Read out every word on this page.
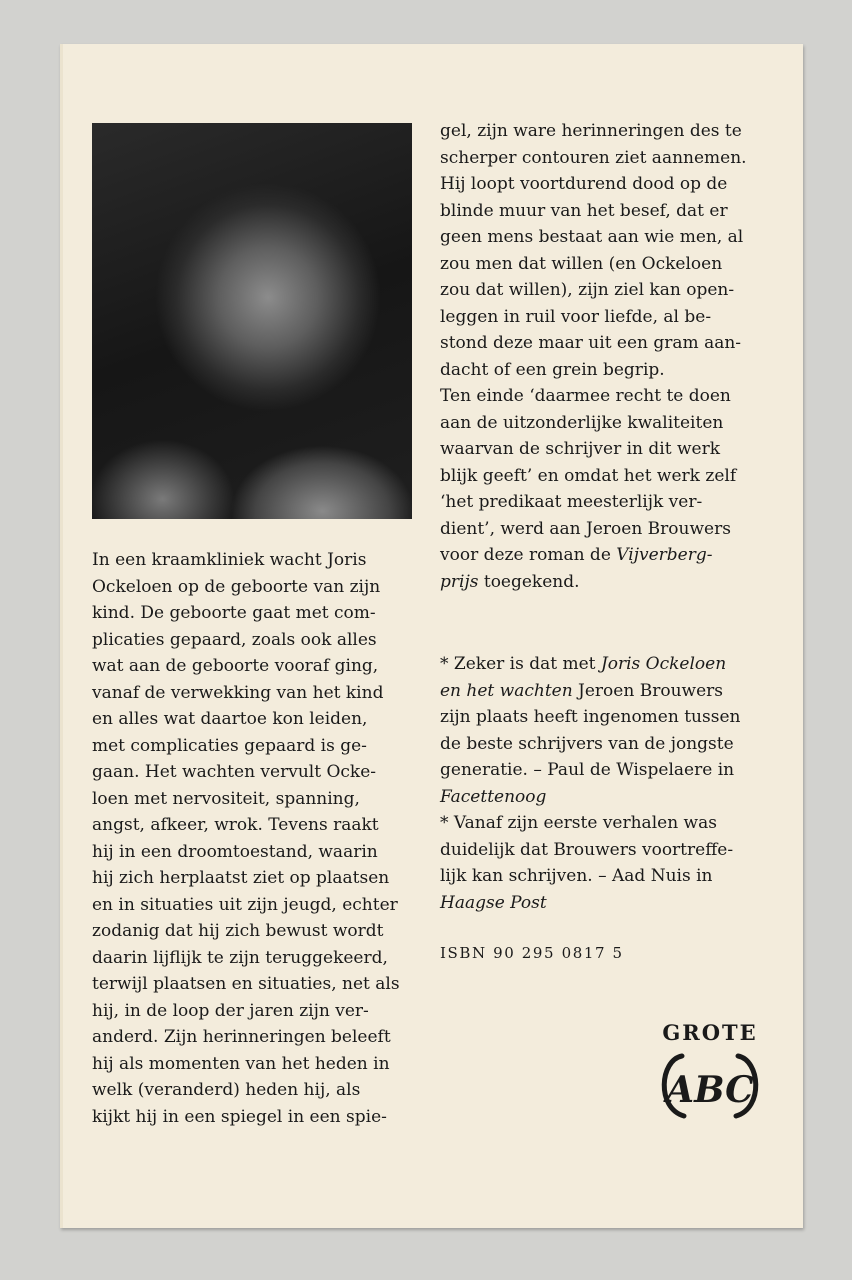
In een kraamkliniek wacht Joris

Ockeloen op de geboorte van zijn

kind. De geboorte gaat met com-

plicaties gepaard, zoals ook alles

wat aan de geboorte vooraf ging,

vanaf de verwekking van het kind

en alles wat daartoe kon leiden,

met complicaties gepaard is ge-

gaan. Het wachten vervult Ocke-

loen met nervositeit, spanning,

angst, afkeer, wrok. Tevens raakt

hij in een droomtoestand, waarin

hij zich herplaatst ziet op plaatsen

en in situaties uit zijn jeugd, echter

zodanig dat hij zich bewust wordt

daarin lijflijk te zijn teruggekeerd,

terwijl plaatsen en situaties, net als

hij, in de loop der jaren zijn ver-

anderd. Zijn herinneringen beleeft

hij als momenten van het heden in

welk (veranderd) heden hij, als

kijkt hij in een spiegel in een spie-

gel, zijn ware herinneringen des te

scherper contouren ziet aannemen.

Hij loopt voortdurend dood op de

blinde muur van het besef, dat er

geen mens bestaat aan wie men, al

zou men dat willen (en Ockeloen

zou dat willen), zijn ziel kan open-

leggen in ruil voor liefde, al be-

stond deze maar uit een gram aan-

dacht of een grein begrip.

Ten einde ‘daarmee recht te doen

aan de uitzonderlijke kwaliteiten

waarvan de schrijver in dit werk

blijk geeft’ en omdat het werk zelf

‘het predikaat meesterlijk ver-

dient’, werd aan Jeroen Brouwers

voor deze roman de Vijverberg-

prijs toegekend.

* Zeker is dat met Joris Ockeloen

en het wachten Jeroen Brouwers

zijn plaats heeft ingenomen tussen

de beste schrijvers van de jongste

generatie. – Paul de Wispelaere in

Facettenoog

* Vanaf zijn eerste verhalen was

duidelijk dat Brouwers voortreffe-

lijk kan schrijven. – Aad Nuis in

Haagse Post

ISBN 90 295 0817 5
GROTE
ABC
